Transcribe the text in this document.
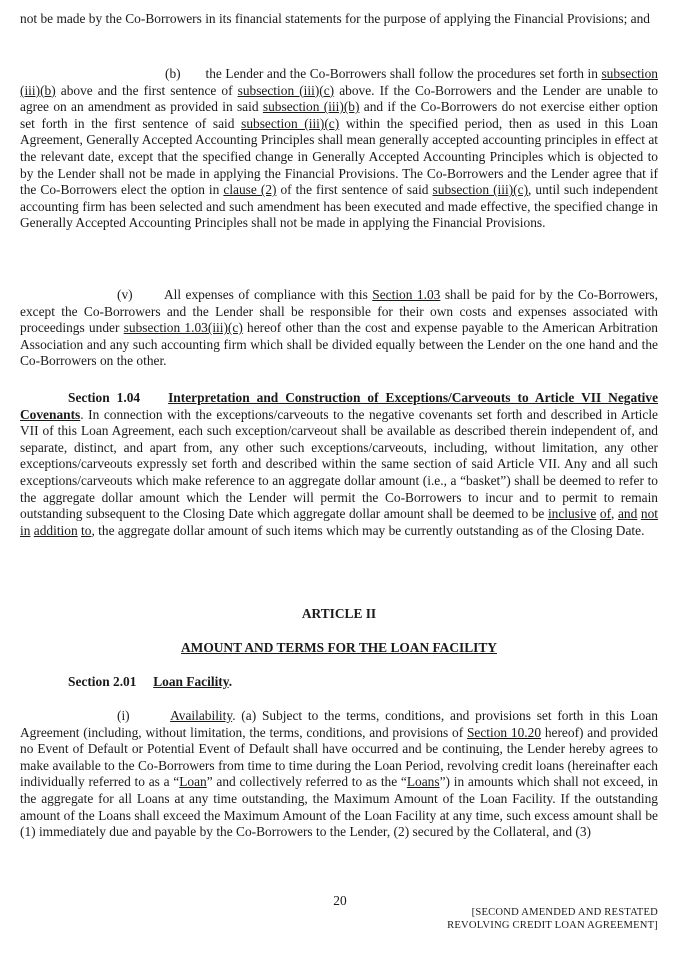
not be made by the Co-Borrowers in its financial statements for the purpose of applying the Financial Provisions; and

(b)       the Lender and the Co-Borrowers shall follow the procedures set forth in subsection (iii)(b) above and the first sentence of subsection (iii)(c) above. If the Co-Borrowers and the Lender are unable to agree on an amendment as provided in said subsection (iii)(b) and if the Co-Borrowers do not exercise either option set forth in the first sentence of said subsection (iii)(c) within the specified period, then as used in this Loan Agreement, Generally Accepted Accounting Principles shall mean generally accepted accounting principles in effect at the relevant date, except that the specified change in Generally Accepted Accounting Principles which is objected to by the Lender shall not be made in applying the Financial Provisions. The Co-Borrowers and the Lender agree that if the Co-Borrowers elect the option in clause (2) of the first sentence of said subsection (iii)(c), until such independent accounting firm has been selected and such amendment has been executed and made effective, the specified change in Generally Accepted Accounting Principles shall not be made in applying the Financial Provisions.

(v)       All expenses of compliance with this Section 1.03 shall be paid for by the Co-Borrowers, except the Co-Borrowers and the Lender shall be responsible for their own costs and expenses associated with proceedings under subsection 1.03(iii)(c) hereof other than the cost and expense payable to the American Arbitration Association and any such accounting firm which shall be divided equally between the Lender on the one hand and the Co-Borrowers on the other.

Section 1.04 Interpretation and Construction of Exceptions/Carveouts to Article VII Negative Covenants. In connection with the exceptions/carveouts to the negative covenants set forth and described in Article VII of this Loan Agreement, each such exception/carveout shall be available as described therein independent of, and separate, distinct, and apart from, any other such exceptions/carveouts, including, without limitation, any other exceptions/carveouts expressly set forth and described within the same section of said Article VII. Any and all such exceptions/carveouts which make reference to an aggregate dollar amount (i.e., a “basket”) shall be deemed to refer to the aggregate dollar amount which the Lender will permit the Co-Borrowers to incur and to permit to remain outstanding subsequent to the Closing Date which aggregate dollar amount shall be deemed to be inclusive of, and not in addition to, the aggregate dollar amount of such items which may be currently outstanding as of the Closing Date.

ARTICLE II
AMOUNT AND TERMS FOR THE LOAN FACILITY
Section 2.01 Loan Facility.

(i)       Availability. (a) Subject to the terms, conditions, and provisions set forth in this Loan Agreement (including, without limitation, the terms, conditions, and provisions of Section 10.20 hereof) and provided no Event of Default or Potential Event of Default shall have occurred and be continuing, the Lender hereby agrees to make available to the Co-Borrowers from time to time during the Loan Period, revolving credit loans (hereinafter each individually referred to as a “Loan” and collectively referred to as the “Loans”) in amounts which shall not exceed, in the aggregate for all Loans at any time outstanding, the Maximum Amount of the Loan Facility. If the outstanding amount of the Loans shall exceed the Maximum Amount of the Loan Facility at any time, such excess amount shall be (1) immediately due and payable by the Co-Borrowers to the Lender, (2) secured by the Collateral, and (3)

20
[SECOND AMENDED AND RESTATED
REVOLVING CREDIT LOAN AGREEMENT]
